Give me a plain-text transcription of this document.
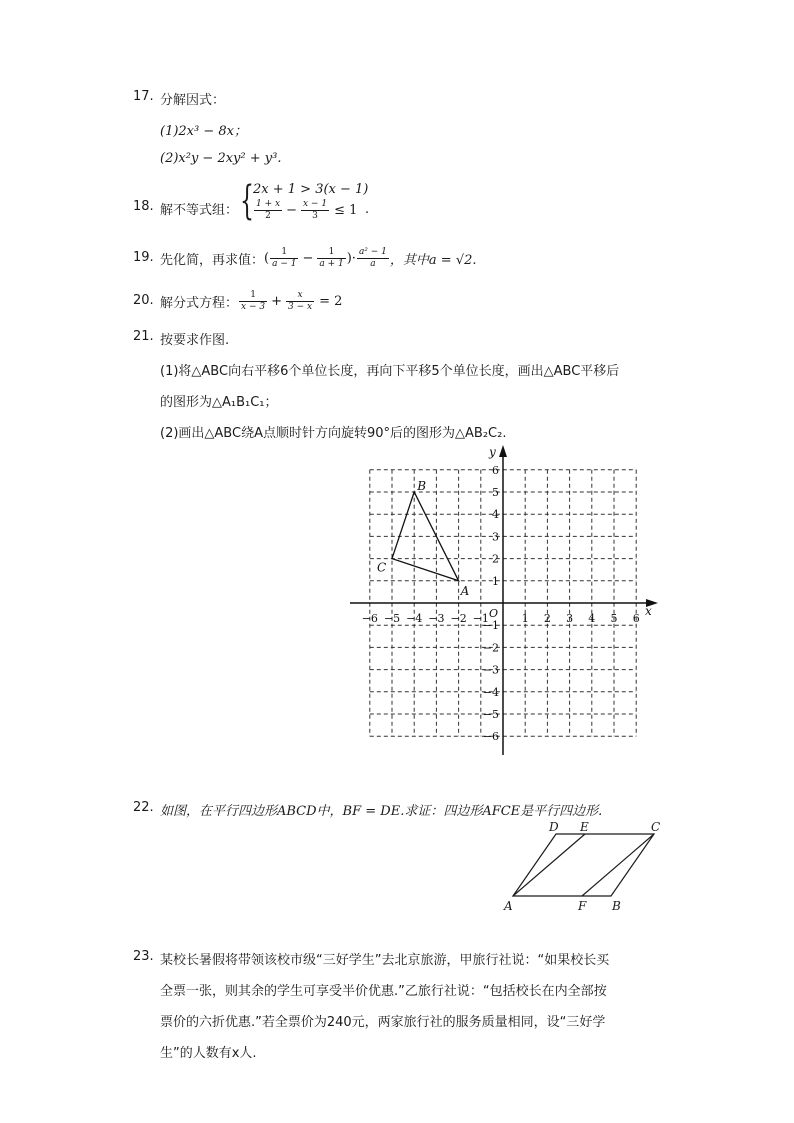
17. 分解因式：
(1)2x³ − 8x；
(2)x²y − 2xy² + y³.
18. 解不等式组： { 2x + 1 > 3(x − 1)
$\frac{1 + x}{2} - \frac{x - 1}{3} \le 1$ .
19. 先化简，再求值： ( $\frac{1}{a - 1} - \frac{1}{a + 1}$ )· $\frac{\text{a² − 1}}{a}$ ，其中a = √2.
20. 解分式方程： $\frac{1}{x - 3} + \frac{x}{3 - x} = 2$
21. 按要求作图.
(1)将△ABC向右平移6个单位长度，再向下平移5个单位长度，画出△ABC平移后
的图形为△A₁B₁C₁；
(2)画出△ABC绕A点顺时针方向旋转90°后的图形为△AB₂C₂.
x
y
O
−6 −5 −4 −3 −2 −1	1 2 3 4 5 6
6
5
4
3
2
1
−1
−2
−3
−4
−5
−6
A
B
C
22. 如图，在平行四边形ABCD中，BF = DE.求证：四边形AFCE是平行四边形.
A	B
C
D E
F
23. 某校长暑假将带领该校市级“三好学生”去北京旅游，甲旅行社说：“如果校长买
全票一张，则其余的学生可享受半价优惠.”乙旅行社说：“包括校长在内全部按
票价的六折优惠.”若全票价为240元，两家旅行社的服务质量相同，设“三好学
生”的人数有x人.
